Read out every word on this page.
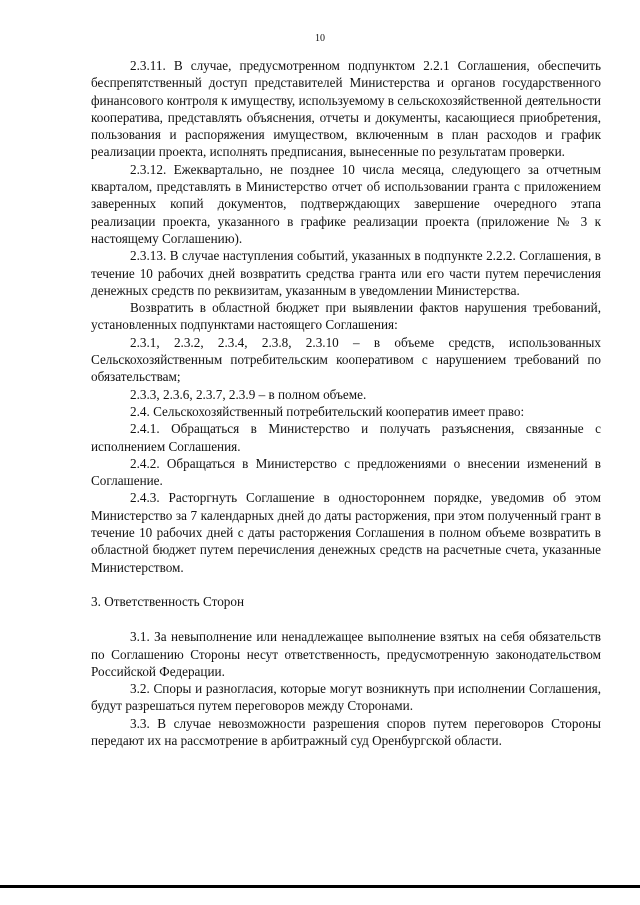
10

2.3.11. В случае, предусмотренном подпунктом 2.2.1 Соглашения, обеспечить беспрепятственный доступ представителей Министерства и органов государственного финансового контроля к имуществу, используемому в сельскохозяйственной деятельности кооператива, представлять объяснения, отчеты и документы, касающиеся приобретения, пользования и распоряжения имуществом, включенным в план расходов и график реализации проекта, исполнять предписания, вынесенные по результатам проверки.

2.3.12. Ежеквартально, не позднее 10 числа месяца, следующего за отчетным кварталом, представлять в Министерство отчет об использовании гранта с приложением заверенных копий документов, подтверждающих завершение очередного этапа реализации проекта, указанного в графике реализации проекта (приложение № 3 к настоящему Соглашению).

2.3.13. В случае наступления событий, указанных в подпункте 2.2.2. Соглашения, в течение 10 рабочих дней возвратить средства гранта или его части путем перечисления денежных средств по реквизитам, указанным в уведомлении Министерства.

Возвратить в областной бюджет при выявлении фактов нарушения требований, установленных подпунктами настоящего Соглашения:

2.3.1, 2.3.2, 2.3.4, 2.3.8, 2.3.10 – в объеме средств, использованных Сельскохозяйственным потребительским кооперативом с нарушением требований по обязательствам;

2.3.3, 2.3.6, 2.3.7, 2.3.9 – в полном объеме.

2.4. Сельскохозяйственный потребительский кооператив имеет право:

2.4.1. Обращаться в Министерство и получать разъяснения, связанные с исполнением Соглашения.

2.4.2. Обращаться в Министерство с предложениями о внесении изменений в Соглашение.

2.4.3. Расторгнуть Соглашение в одностороннем порядке, уведомив об этом Министерство за 7 календарных дней до даты расторжения, при этом полученный грант в течение 10 рабочих дней с даты расторжения Соглашения в полном объеме возвратить в областной бюджет путем перечисления денежных средств на расчетные счета, указанные Министерством.

3. Ответственность Сторон

3.1. За невыполнение или ненадлежащее выполнение взятых на себя обязательств по Соглашению Стороны несут ответственность, предусмотренную законодательством Российской Федерации.

3.2. Споры и разногласия, которые могут возникнуть при исполнении Соглашения, будут разрешаться путем переговоров между Сторонами.

3.3. В случае невозможности разрешения споров путем переговоров Стороны передают их на рассмотрение в арбитражный суд Оренбургской области.
